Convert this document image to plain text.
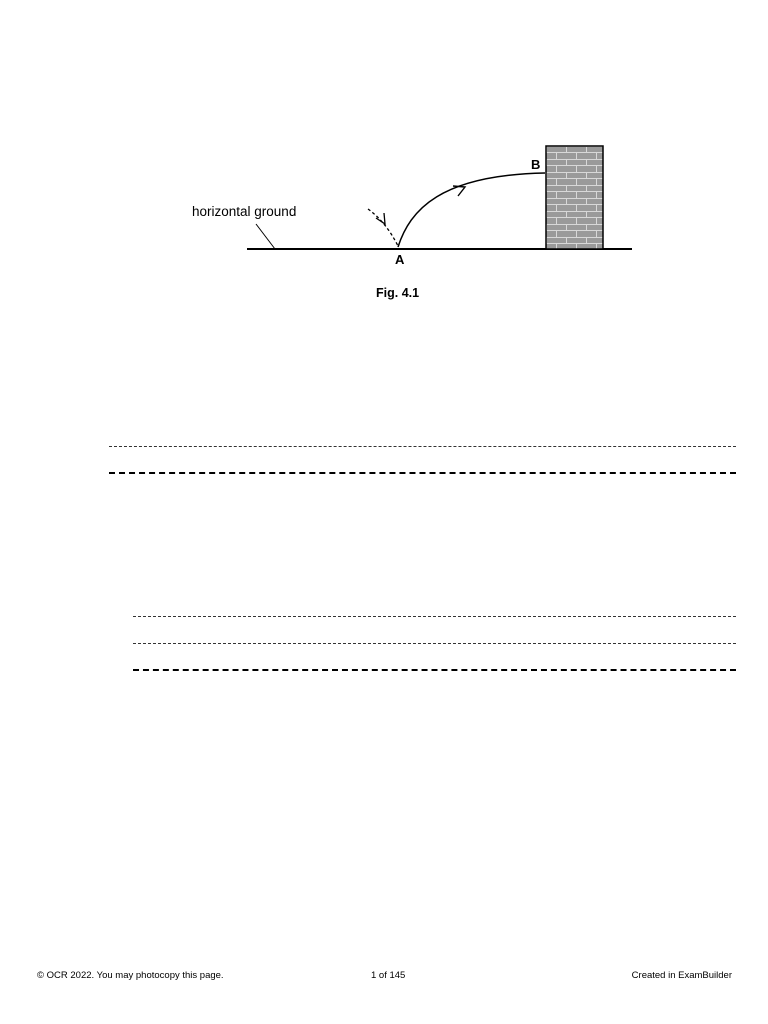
horizontal ground
A
B
Fig. 4.1
© OCR 2022. You may photocopy this page.	1 of 145	Created in ExamBuilder
